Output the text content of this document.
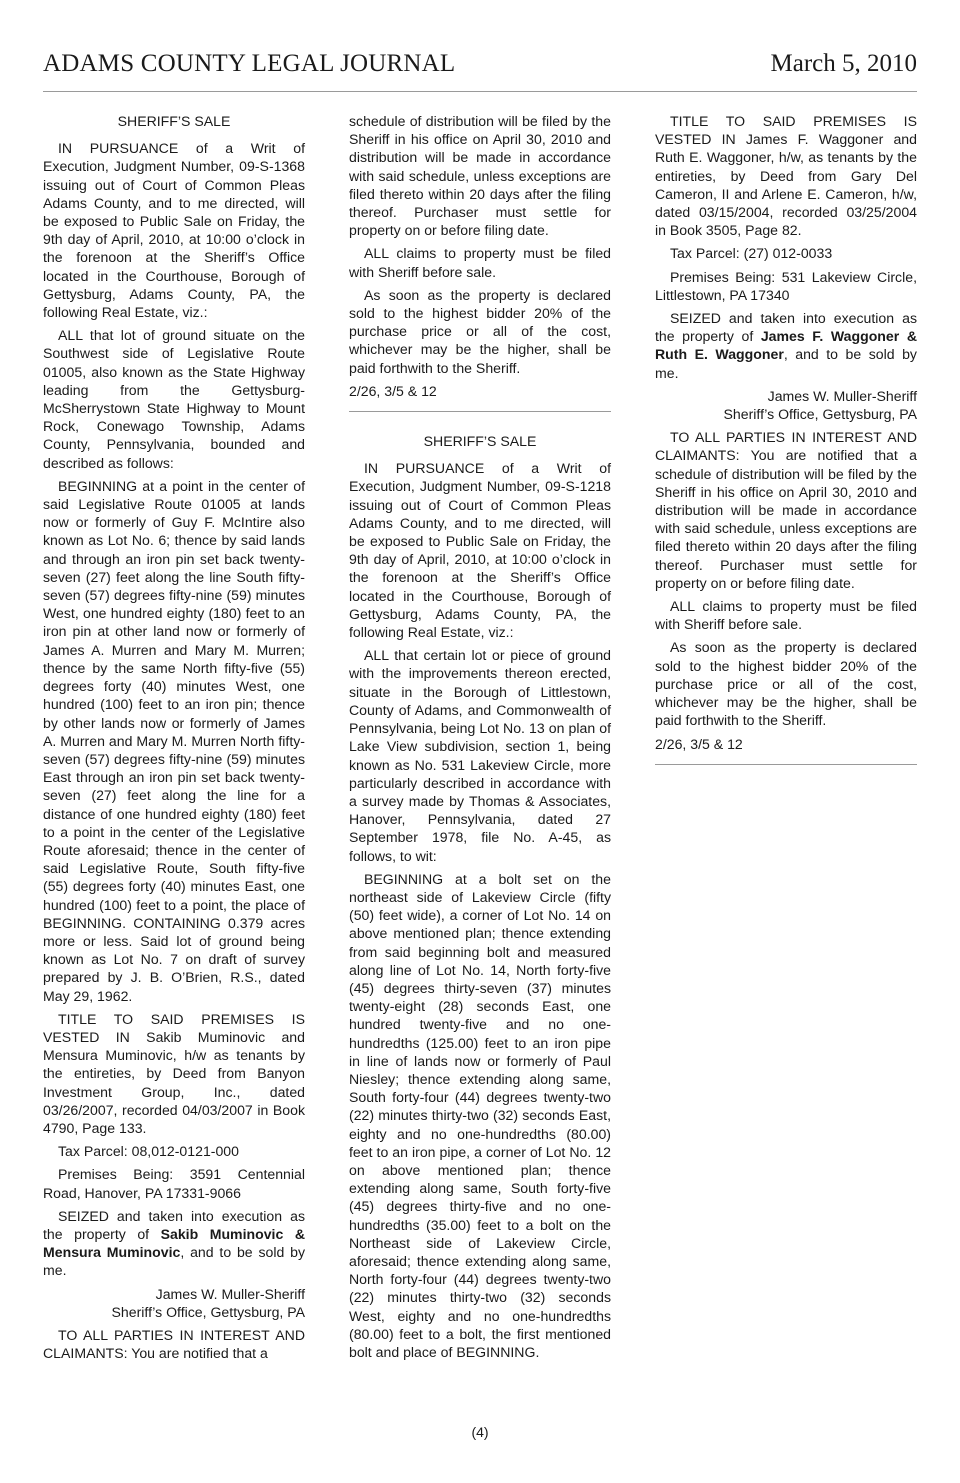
ADAMS COUNTY LEGAL JOURNAL	March 5, 2010

SHERIFF’S SALE

IN PURSUANCE of a Writ of Execution, Judgment Number, 09-S-1368 issuing out of Court of Common Pleas Adams County, and to me directed, will be exposed to Public Sale on Friday, the 9th day of April, 2010, at 10:00 o’clock in the forenoon at the Sheriff’s Office located in the Courthouse, Borough of Gettysburg, Adams County, PA, the following Real Estate, viz.:

ALL that lot of ground situate on the Southwest side of Legislative Route 01005, also known as the State Highway leading from the Gettysburg-McSherrystown State Highway to Mount Rock, Conewago Township, Adams County, Pennsylvania, bounded and described as follows:

BEGINNING at a point in the center of said Legislative Route 01005 at lands now or formerly of Guy F. McIntire also known as Lot No. 6; thence by said lands and through an iron pin set back twenty-seven (27) feet along the line South fifty-seven (57) degrees fifty-nine (59) minutes West, one hundred eighty (180) feet to an iron pin at other land now or formerly of James A. Murren and Mary M. Murren; thence by the same North fifty-five (55) degrees forty (40) minutes West, one hundred (100) feet to an iron pin; thence by other lands now or formerly of James A. Murren and Mary M. Murren North fifty-seven (57) degrees fifty-nine (59) minutes East through an iron pin set back twenty-seven (27) feet along the line for a distance of one hundred eighty (180) feet to a point in the center of the Legislative Route aforesaid; thence in the center of said Legislative Route, South fifty-five (55) degrees forty (40) minutes East, one hundred (100) feet to a point, the place of BEGINNING. CONTAINING 0.379 acres more or less. Said lot of ground being known as Lot No. 7 on draft of survey prepared by J. B. O’Brien, R.S., dated May 29, 1962.

TITLE TO SAID PREMISES IS VESTED IN Sakib Muminovic and Mensura Muminovic, h/w as tenants by the entireties, by Deed from Banyon Investment Group, Inc., dated 03/26/2007, recorded 04/03/2007 in Book 4790, Page 133.

Tax Parcel: 08,012-0121-000

Premises Being: 3591 Centennial Road, Hanover, PA 17331-9066

SEIZED and taken into execution as the property of Sakib Muminovic & Mensura Muminovic, and to be sold by me.

James W. Muller-Sheriff

Sheriff’s Office, Gettysburg, PA

TO ALL PARTIES IN INTEREST AND CLAIMANTS: You are notified that a

schedule of distribution will be filed by the Sheriff in his office on April 30, 2010 and distribution will be made in accordance with said schedule, unless exceptions are filed thereto within 20 days after the filing thereof. Purchaser must settle for property on or before filing date.

ALL claims to property must be filed with Sheriff before sale.

As soon as the property is declared sold to the highest bidder 20% of the purchase price or all of the cost, whichever may be the higher, shall be paid forthwith to the Sheriff.

2/26, 3/5 & 12

SHERIFF’S SALE

IN PURSUANCE of a Writ of Execution, Judgment Number, 09-S-1218 issuing out of Court of Common Pleas Adams County, and to me directed, will be exposed to Public Sale on Friday, the 9th day of April, 2010, at 10:00 o’clock in the forenoon at the Sheriff’s Office located in the Courthouse, Borough of Gettysburg, Adams County, PA, the following Real Estate, viz.:

ALL that certain lot or piece of ground with the improvements thereon erected, situate in the Borough of Littlestown, County of Adams, and Commonwealth of Pennsylvania, being Lot No. 13 on plan of Lake View subdivision, section 1, being known as No. 531 Lakeview Circle, more particularly described in accordance with a survey made by Thomas & Associates, Hanover, Pennsylvania, dated 27 September 1978, file No. A-45, as follows, to wit:

BEGINNING at a bolt set on the northeast side of Lakeview Circle (fifty (50) feet wide), a corner of Lot No. 14 on above mentioned plan; thence extending from said beginning bolt and measured along line of Lot No. 14, North forty-five (45) degrees thirty-seven (37) minutes twenty-eight (28) seconds East, one hundred twenty-five and no one-hundredths (125.00) feet to an iron pipe in line of lands now or formerly of Paul Niesley; thence extending along same, South forty-four (44) degrees twenty-two (22) minutes thirty-two (32) seconds East, eighty and no one-hundredths (80.00) feet to an iron pipe, a corner of Lot No. 12 on above mentioned plan; thence extending along same, South forty-five (45) degrees thirty-five and no one-hundredths (35.00) feet to a bolt on the Northeast side of Lakeview Circle, aforesaid; thence extending along same, North forty-four (44) degrees twenty-two (22) minutes thirty-two (32) seconds West, eighty and no one-hundredths (80.00) feet to a bolt, the first mentioned bolt and place of BEGINNING.

TITLE TO SAID PREMISES IS VESTED IN James F. Waggoner and Ruth E. Waggoner, h/w, as tenants by the entireties, by Deed from Gary Del Cameron, II and Arlene E. Cameron, h/w, dated 03/15/2004, recorded 03/25/2004 in Book 3505, Page 82.

Tax Parcel: (27) 012-0033

Premises Being: 531 Lakeview Circle, Littlestown, PA 17340

SEIZED and taken into execution as the property of James F. Waggoner & Ruth E. Waggoner, and to be sold by me.

James W. Muller-Sheriff

Sheriff’s Office, Gettysburg, PA

TO ALL PARTIES IN INTEREST AND CLAIMANTS: You are notified that a schedule of distribution will be filed by the Sheriff in his office on April 30, 2010 and distribution will be made in accordance with said schedule, unless exceptions are filed thereto within 20 days after the filing thereof. Purchaser must settle for property on or before filing date.

ALL claims to property must be filed with Sheriff before sale.

As soon as the property is declared sold to the highest bidder 20% of the purchase price or all of the cost, whichever may be the higher, shall be paid forthwith to the Sheriff.

2/26, 3/5 & 12

(4)
